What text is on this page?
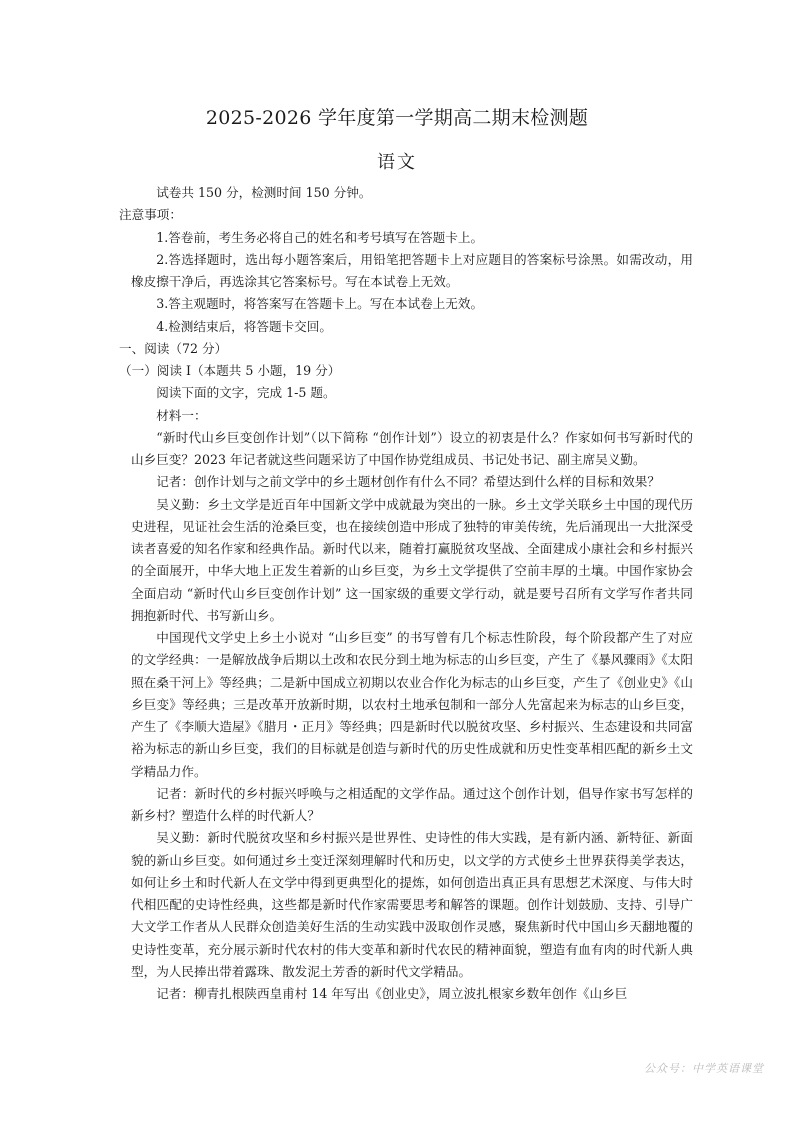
2025-2026 学年度第一学期高二期末检测题
语文

试卷共 150 分，检测时间 150 分钟。

注意事项：

1.答卷前，考生务必将自己的姓名和考号填写在答题卡上。

2.答选择题时，选出每小题答案后，用铅笔把答题卡上对应题目的答案标号涂黑。如需改动，用橡皮擦干净后，再选涂其它答案标号。写在本试卷上无效。

3.答主观题时，将答案写在答题卡上。写在本试卷上无效。

4.检测结束后，将答题卡交回。

一、阅读（72 分）

（一）阅读 I（本题共 5 小题，19 分）

阅读下面的文字，完成 1-5 题。

材料一：

“新时代山乡巨变创作计划”（以下简称 “创作计划”）设立的初衷是什么？作家如何书写新时代的山乡巨变？2023 年记者就这些问题采访了中国作协党组成员、书记处书记、副主席吴义勤。

记者：创作计划与之前文学中的乡土题材创作有什么不同？希望达到什么样的目标和效果？

吴义勤：乡土文学是近百年中国新文学中成就最为突出的一脉。乡土文学关联乡土中国的现代历史进程，见证社会生活的沧桑巨变，也在接续创造中形成了独特的审美传统，先后涌现出一大批深受读者喜爱的知名作家和经典作品。新时代以来，随着打赢脱贫攻坚战、全面建成小康社会和乡村振兴的全面展开，中华大地上正发生着新的山乡巨变，为乡土文学提供了空前丰厚的土壤。中国作家协会全面启动 “新时代山乡巨变创作计划” 这一国家级的重要文学行动，就是要号召所有文学写作者共同拥抱新时代、书写新山乡。

中国现代文学史上乡土小说对 “山乡巨变” 的书写曾有几个标志性阶段，每个阶段都产生了对应的文学经典：一是解放战争后期以土改和农民分到土地为标志的山乡巨变，产生了《暴风骤雨》《太阳照在桑干河上》等经典；二是新中国成立初期以农业合作化为标志的山乡巨变，产生了《创业史》《山乡巨变》等经典；三是改革开放新时期，以农村土地承包制和一部分人先富起来为标志的山乡巨变，产生了《李顺大造屋》《腊月・正月》等经典；四是新时代以脱贫攻坚、乡村振兴、生态建设和共同富裕为标志的新山乡巨变，我们的目标就是创造与新时代的历史性成就和历史性变革相匹配的新乡土文学精品力作。

记者：新时代的乡村振兴呼唤与之相适配的文学作品。通过这个创作计划，倡导作家书写怎样的新乡村？塑造什么样的时代新人？

吴义勤：新时代脱贫攻坚和乡村振兴是世界性、史诗性的伟大实践，是有新内涵、新特征、新面貌的新山乡巨变。如何通过乡土变迁深刻理解时代和历史，以文学的方式使乡土世界获得美学表达，如何让乡土和时代新人在文学中得到更典型化的提炼，如何创造出真正具有思想艺术深度、与伟大时代相匹配的史诗性经典，这些都是新时代作家需要思考和解答的课题。创作计划鼓励、支持、引导广大文学工作者从人民群众创造美好生活的生动实践中汲取创作灵感，聚焦新时代中国山乡天翻地覆的史诗性变革，充分展示新时代农村的伟大变革和新时代农民的精神面貌，塑造有血有肉的时代新人典型，为人民捧出带着露珠、散发泥土芳香的新时代文学精品。

记者：柳青扎根陕西皇甫村 14 年写出《创业史》，周立波扎根家乡数年创作《山乡巨

公众号：中学英语课堂
